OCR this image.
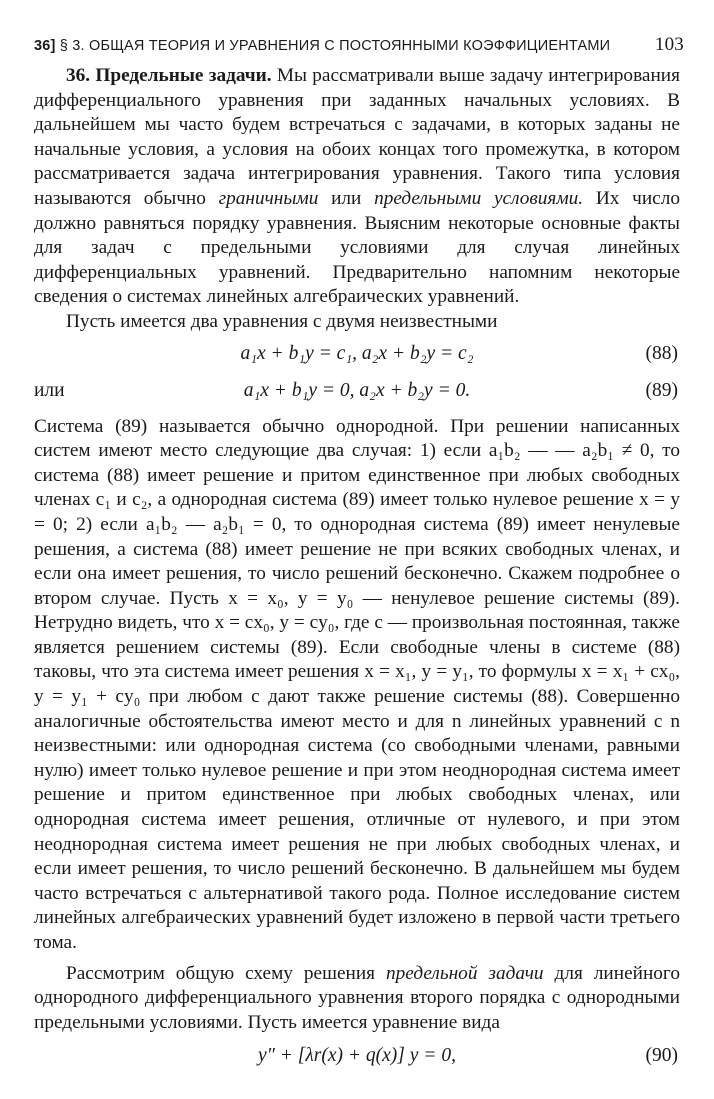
36] § 3. ОБЩАЯ ТЕОРИЯ И УРАВНЕНИЯ С ПОСТОЯННЫМИ КОЭФФИЦИЕНТАМИ 103

36. Предельные задачи. Мы рассматривали выше задачу интегрирования дифференциального уравнения при заданных начальных условиях. В дальнейшем мы часто будем встречаться с задачами, в которых заданы не начальные условия, а условия на обоих концах того промежутка, в котором рассматривается задача интегрирования уравнения. Такого типа условия называются обычно граничными или предельными условиями. Их число должно равняться порядку уравнения. Выясним некоторые основные факты для задач с предельными условиями для случая линейных дифференциальных уравнений. Предварительно напомним некоторые сведения о системах линейных алгебраических уравнений.

Пусть имеется два уравнения с двумя неизвестными

a₁x + b₁y = c₁, a₂x + b₂y = c₂	(88)
или	a₁x + b₁y = 0, a₂x + b₂y = 0.	(89)

Система (89) называется обычно однородной. При решении написанных систем имеют место следующие два случая: 1) если a₁b₂ — — a₂b₁ ≠ 0, то система (88) имеет решение и притом единственное при любых свободных членах c₁ и c₂, а однородная система (89) имеет только нулевое решение x = y = 0; 2) если a₁b₂ — a₂b₁ = 0, то однородная система (89) имеет ненулевые решения, а система (88) имеет решение не при всяких свободных членах, и если она имеет решения, то число решений бесконечно. Скажем подробнее о втором случае. Пусть x = x₀, y = y₀ — ненулевое решение системы (89). Нетрудно видеть, что x = cx₀, y = cy₀, где c — произвольная постоянная, также является решением системы (89). Если свободные члены в системе (88) таковы, что эта система имеет решения x = x₁, y = y₁, то формулы x = x₁ + cx₀, y = y₁ + cy₀ при любом c дают также решение системы (88). Совершенно аналогичные обстоятельства имеют место и для n линейных уравнений с n неизвестными: или однородная система (со свободными членами, равными нулю) имеет только нулевое решение и при этом неоднородная система имеет решение и притом единственное при любых свободных членах, или однородная система имеет решения, отличные от нулевого, и при этом неоднородная система имеет решения не при любых свободных членах, и если имеет решения, то число решений бесконечно. В дальнейшем мы будем часто встречаться с альтернативой такого рода. Полное исследование систем линейных алгебраических уравнений будет изложено в первой части третьего тома.

Рассмотрим общую схему решения предельной задачи для линейного однородного дифференциального уравнения второго порядка с однородными предельными условиями. Пусть имеется уравнение вида

y″ + [λr(x) + q(x)] y = 0,	(90)
